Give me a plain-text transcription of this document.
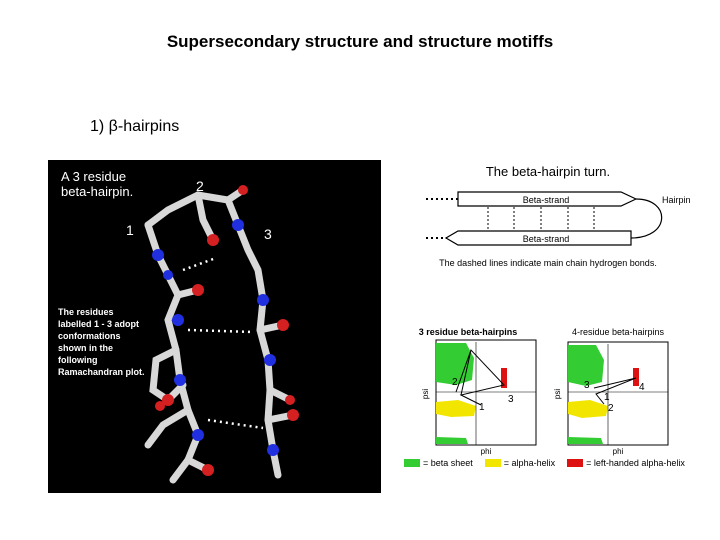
Supersecondary structure and structure motiffs
1) β-hairpins
A 3 residue
beta-hairpin.
1
2
3
The residues labelled 1 - 3 adopt conformations shown in the following Ramachandran plot.
The beta-hairpin turn.
Beta-strand
Beta-strand
Hairpin
The dashed lines indicate main chain hydrogen bonds.
3 residue beta-hairpins
2
1
3
phi
psi
4-residue beta-hairpins
3	4
1
2
phi
psi
= beta sheet	= alpha-helix	= left-handed alpha-helix
